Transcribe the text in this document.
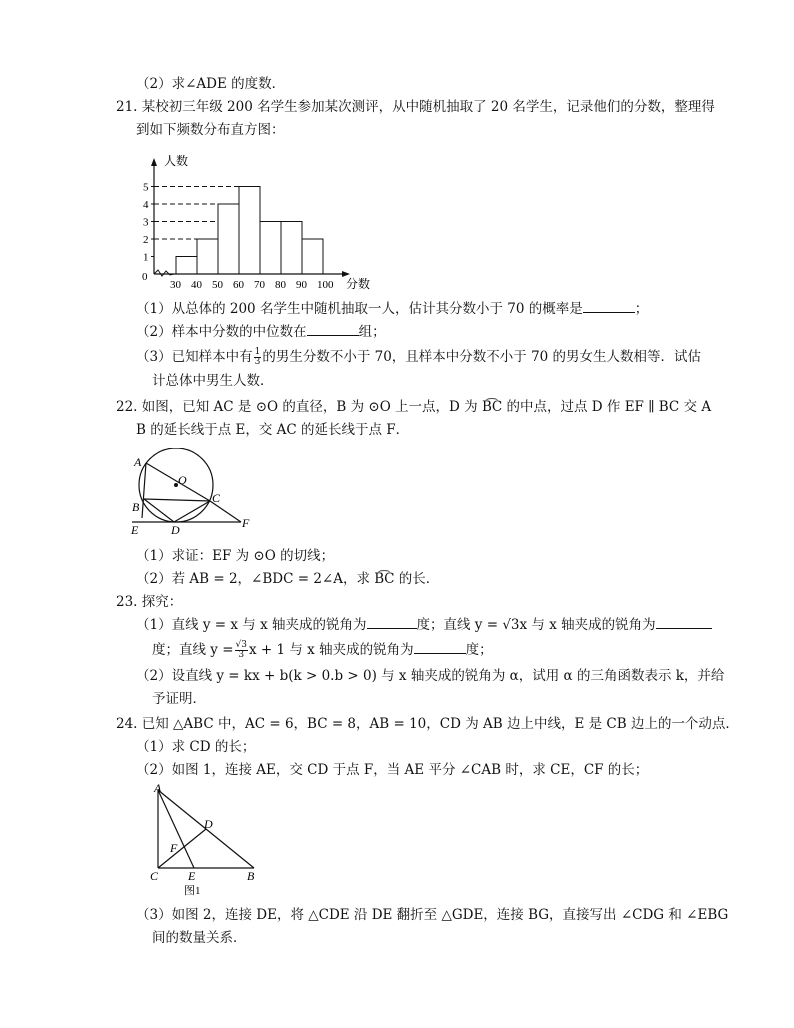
（2）求∠ADE 的度数．
21. 某校初三年级 200 名学生参加某次测评，从中随机抽取了 20 名学生，记录他们的分数，整理得
到如下频数分布直方图：
1
2
3
4
5
30 40 50 60 70 80 90 100
0
人数
分数
（1）从总体的 200 名学生中随机抽取一人，估计其分数小于 70 的概率是	；
（2）样本中分数的中位数在	组；
（3）已知样本中有 $\frac{1}{3}$ 的男生分数不小于 70，且样本中分数不小于 70 的男女生人数相等．试估
计总体中男生人数．
22. 如图，已知 AC 是 ⊙O 的直径，B 为 ⊙O 上一点，D 为 B͡C 的中点，过点 D 作 EF ∥ BC 交 A
B 的延长线于点 E，交 AC 的延长线于点 F．
A
O
C
B
E	D	F
（1）求证：EF 为 ⊙O 的切线；
（2）若 AB = 2，∠BDC = 2∠A，求 B͡C 的长．
23. 探究：
（1）直线 y = x 与 x 轴夹成的锐角为	度；直线 y = √3x 与 x 轴夹成的锐角为
度；直线 $y = \frac{√3}{3}$ x + 1 与 x 轴夹成的锐角为	度；
（2）设直线 y = kx + b(k > 0.b > 0) 与 x 轴夹成的锐角为 α，试用 α 的三角函数表示 k，并给
予证明．
24. 已知 △ABC 中，AC = 6，BC = 8，AB = 10，CD 为 AB 边上中线，E 是 CB 边上的一个动点．
（1）求 CD 的长；
（2）如图 1，连接 AE，交 CD 于点 F，当 AE 平分 ∠CAB 时，求 CE，CF 的长；
A
D
F
C E	B
图1
（3）如图 2，连接 DE，将 △CDE 沿 DE 翻折至 △GDE，连接 BG，直接写出 ∠CDG 和 ∠EBG
间的数量关系．
